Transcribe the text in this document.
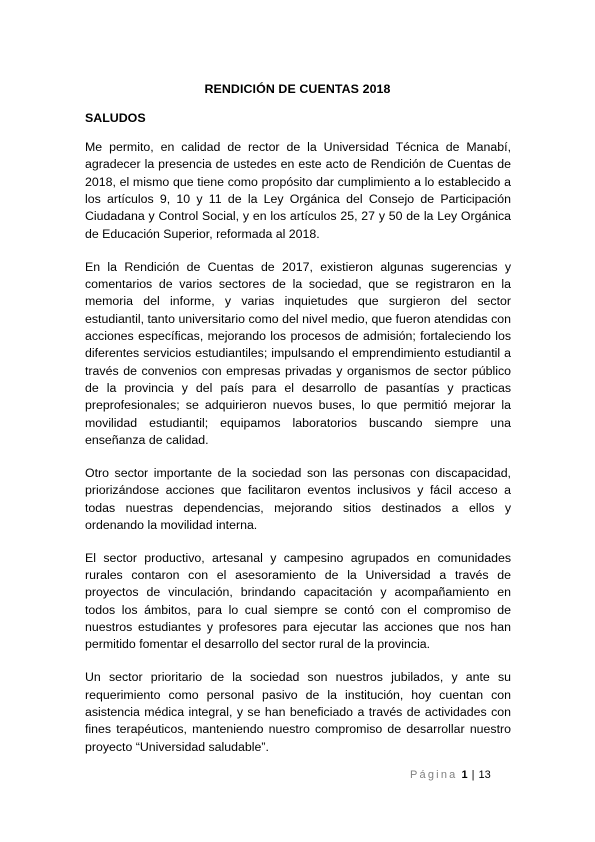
RENDICIÓN DE CUENTAS 2018
SALUDOS

Me permito, en calidad de rector de la Universidad Técnica de Manabí, agradecer la presencia de ustedes en este acto de Rendición de Cuentas de 2018, el mismo que tiene como propósito dar cumplimiento a lo establecido a los artículos 9, 10 y 11 de la Ley Orgánica del Consejo de Participación Ciudadana y Control Social, y en los artículos 25, 27 y 50 de la Ley Orgánica de Educación Superior, reformada al 2018.

En la Rendición de Cuentas de 2017, existieron algunas sugerencias y comentarios de varios sectores de la sociedad, que se registraron en la memoria del informe, y varias inquietudes que surgieron del sector estudiantil, tanto universitario como del nivel medio, que fueron atendidas con acciones específicas, mejorando los procesos de admisión; fortaleciendo los diferentes servicios estudiantiles; impulsando el emprendimiento estudiantil a través de convenios con empresas privadas y organismos de sector público de la provincia y del país para el desarrollo de pasantías y practicas preprofesionales; se adquirieron nuevos buses, lo que permitió mejorar la movilidad estudiantil; equipamos laboratorios buscando siempre una enseñanza de calidad.

Otro sector importante de la sociedad son las personas con discapacidad, priorizándose acciones que facilitaron eventos inclusivos y fácil acceso a todas nuestras dependencias, mejorando sitios destinados a ellos y ordenando la movilidad interna.

El sector productivo, artesanal y campesino agrupados en comunidades rurales contaron con el asesoramiento de la Universidad a través de proyectos de vinculación, brindando capacitación y acompañamiento en todos los ámbitos, para lo cual siempre se contó con el compromiso de nuestros estudiantes y profesores para ejecutar las acciones que nos han permitido fomentar el desarrollo del sector rural de la provincia.

Un sector prioritario de la sociedad son nuestros jubilados, y ante su requerimiento como personal pasivo de la institución, hoy cuentan con asistencia médica integral, y se han beneficiado a través de actividades con fines terapéuticos, manteniendo nuestro compromiso de desarrollar nuestro proyecto “Universidad saludable”.

Página 1 | 13
